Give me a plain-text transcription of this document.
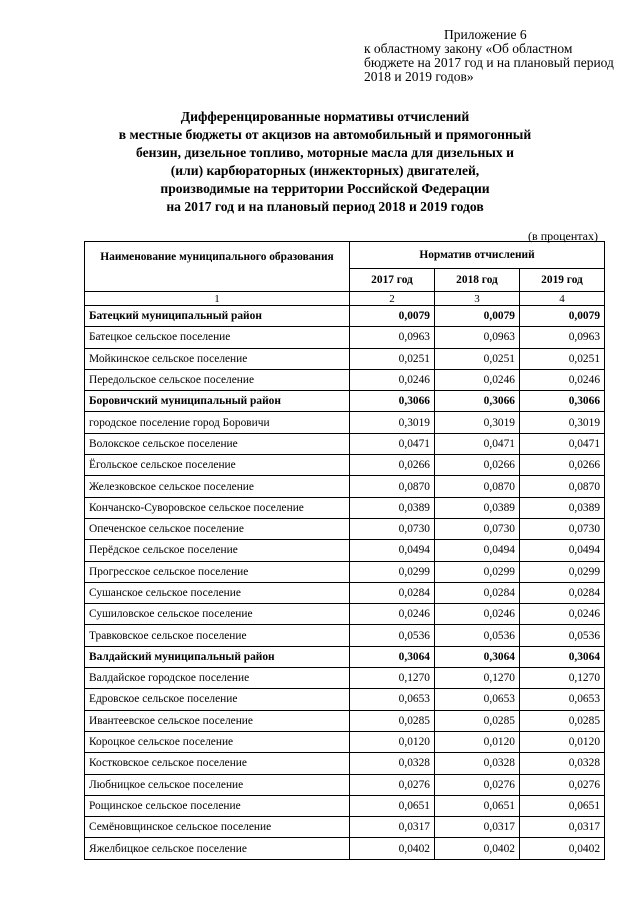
Приложение 6
к областному закону «Об областном бюджете на 2017 год и на плановый период 2018 и 2019 годов»
Дифференцированные нормативы отчислений
в местные бюджеты от акцизов на автомобильный и прямогонный
бензин, дизельное топливо, моторные масла для дизельных и
(или) карбюраторных (инжекторных) двигателей,
производимые на территории Российской Федерации
на 2017 год и на плановый период 2018 и 2019 годов
(в процентах)
Наименование муниципального образования	Норматив отчислений		
	2017 год	2018 год	2019 год
1	2	3	4
Батецкий муниципальный район	0,0079	0,0079	0,0079
Батецкое сельское поселение	0,0963	0,0963	0,0963
Мойкинское сельское поселение	0,0251	0,0251	0,0251
Передольское сельское поселение	0,0246	0,0246	0,0246
Боровичский муниципальный район	0,3066	0,3066	0,3066
городское поселение город Боровичи	0,3019	0,3019	0,3019
Волокское сельское поселение	0,0471	0,0471	0,0471
Ёгольское сельское поселение	0,0266	0,0266	0,0266
Железковское сельское поселение	0,0870	0,0870	0,0870
Кончанско-Суворовское сельское поселение	0,0389	0,0389	0,0389
Опеченское сельское поселение	0,0730	0,0730	0,0730
Перёдское сельское поселение	0,0494	0,0494	0,0494
Прогресское сельское поселение	0,0299	0,0299	0,0299
Сушанское сельское поселение	0,0284	0,0284	0,0284
Сушиловское сельское поселение	0,0246	0,0246	0,0246
Травковское сельское поселение	0,0536	0,0536	0,0536
Валдайский муниципальный район	0,3064	0,3064	0,3064
Валдайское городское поселение	0,1270	0,1270	0,1270
Едровское сельское поселение	0,0653	0,0653	0,0653
Ивантеевское сельское поселение	0,0285	0,0285	0,0285
Короцкое сельское поселение	0,0120	0,0120	0,0120
Костковское сельское поселение	0,0328	0,0328	0,0328
Любницкое сельское поселение	0,0276	0,0276	0,0276
Рощинское сельское поселение	0,0651	0,0651	0,0651
Семёновщинское сельское поселение	0,0317	0,0317	0,0317
Яжелбицкое сельское поселение	0,0402	0,0402	0,0402
